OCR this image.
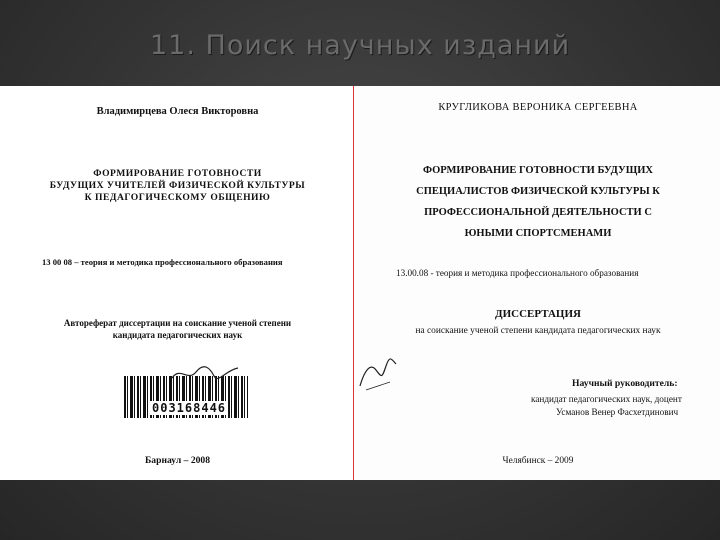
11. Поиск научных изданий

Владимирцева Олеся Викторовна

ФОРМИРОВАНИЕ ГОТОВНОСТИ
БУДУЩИХ УЧИТЕЛЕЙ ФИЗИЧЕСКОЙ КУЛЬТУРЫ
К ПЕДАГОГИЧЕСКОМУ ОБЩЕНИЮ

13 00 08 – теория и методика профессионального образования

Автореферат диссертации на соискание ученой степени
кандидата педагогических наук
003168446

Барнаул – 2008

КРУГЛИКОВА ВЕРОНИКА СЕРГЕЕВНА

ФОРМИРОВАНИЕ ГОТОВНОСТИ БУДУЩИХ
СПЕЦИАЛИСТОВ ФИЗИЧЕСКОЙ КУЛЬТУРЫ К
ПРОФЕССИОНАЛЬНОЙ ДЕЯТЕЛЬНОСТИ С
ЮНЫМИ СПОРТСМЕНАМИ

13.00.08 - теория и методика профессионального образования

ДИССЕРТАЦИЯ

на соискание ученой степени кандидата педагогических наук

Научный руководитель:

кандидат педагогических наук, доцент

Усманов Венер Фасхетдинович

Челябинск – 2009
